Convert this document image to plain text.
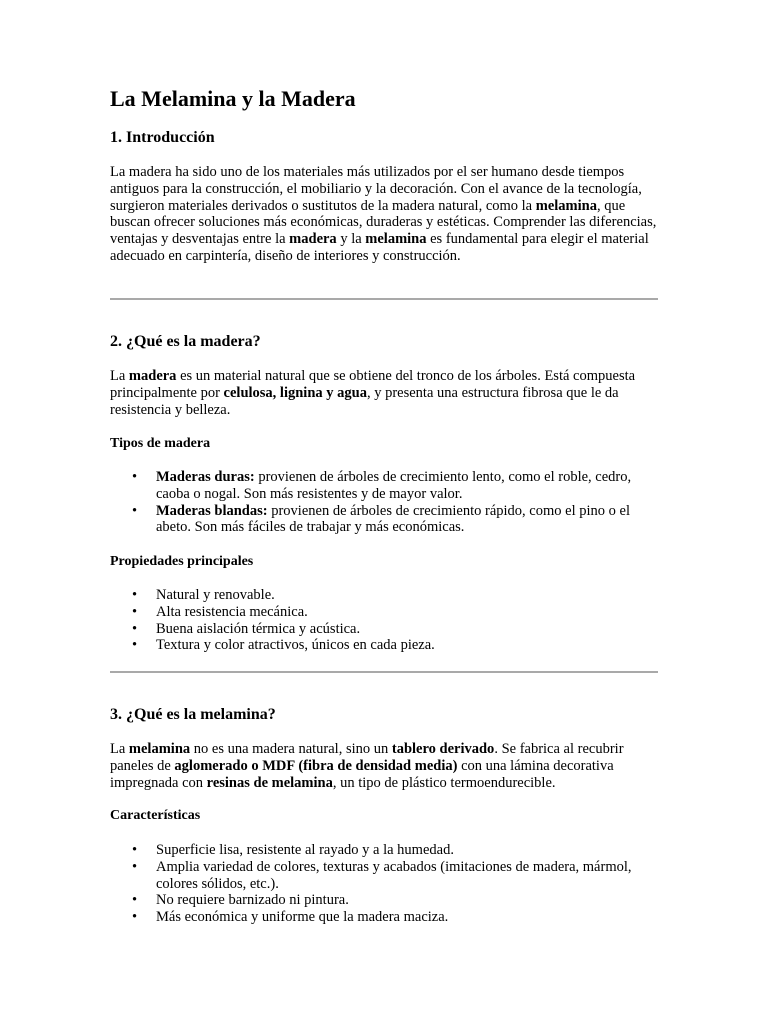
La Melamina y la Madera
1. Introducción

La madera ha sido uno de los materiales más utilizados por el ser humano desde tiempos antiguos para la construcción, el mobiliario y la decoración. Con el avance de la tecnología, surgieron materiales derivados o sustitutos de la madera natural, como la melamina, que buscan ofrecer soluciones más económicas, duraderas y estéticas. Comprender las diferencias, ventajas y desventajas entre la madera y la melamina es fundamental para elegir el material adecuado en carpintería, diseño de interiores y construcción.

2. ¿Qué es la madera?

La madera es un material natural que se obtiene del tronco de los árboles. Está compuesta principalmente por celulosa, lignina y agua, y presenta una estructura fibrosa que le da resistencia y belleza.

Tipos de madera
• Maderas duras: provienen de árboles de crecimiento lento, como el roble, cedro, caoba o nogal. Son más resistentes y de mayor valor.
• Maderas blandas: provienen de árboles de crecimiento rápido, como el pino o el abeto. Son más fáciles de trabajar y más económicas.
Propiedades principales
• Natural y renovable.
• Alta resistencia mecánica.
• Buena aislación térmica y acústica.
• Textura y color atractivos, únicos en cada pieza.
3. ¿Qué es la melamina?

La melamina no es una madera natural, sino un tablero derivado. Se fabrica al recubrir paneles de aglomerado o MDF (fibra de densidad media) con una lámina decorativa impregnada con resinas de melamina, un tipo de plástico termoendurecible.

Características
• Superficie lisa, resistente al rayado y a la humedad.
• Amplia variedad de colores, texturas y acabados (imitaciones de madera, mármol, colores sólidos, etc.).
• No requiere barnizado ni pintura.
• Más económica y uniforme que la madera maciza.
